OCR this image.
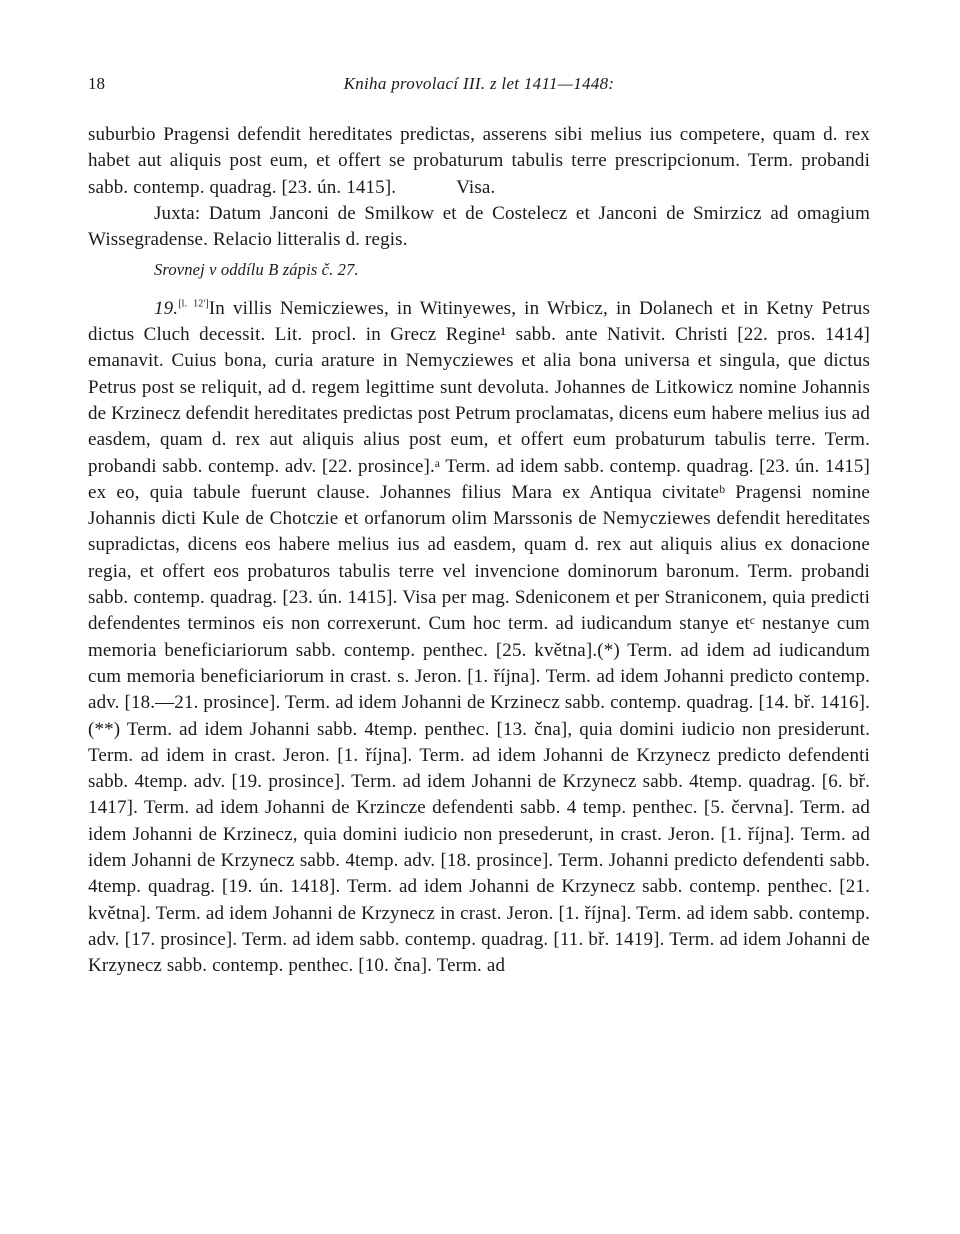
18	Kniha provolací III. z let 1411—1448:

suburbio Pragensi defendit hereditates predictas, asserens sibi melius ius competere, quam d. rex habet aut aliquis post eum, et offert se probaturum tabulis terre prescripcionum. Term. probandi sabb. contemp. quadrag. [23. ún. 1415].	Visa.

Juxta: Datum Janconi de Smilkow et de Costelecz et Janconi de Smirzicz ad omagium Wissegradense. Relacio litteralis d. regis.

Srovnej v oddílu B zápis č. 27.

19.[l. 12']In villis Nemicziewes, in Witinyewes, in Wrbicz, in Dolanech et in Ketny Petrus dictus Cluch decessit. Lit. procl. in Grecz Regine¹ sabb. ante Nativit. Christi [22. pros. 1414] emanavit. Cuius bona, curia arature in Nemycziewes et alia bona universa et singula, que dictus Petrus post se reliquit, ad d. regem legittime sunt devoluta. Johannes de Litkowicz nomine Johannis de Krzinecz defendit hereditates predictas post Petrum proclamatas, dicens eum habere melius ius ad easdem, quam d. rex aut aliquis alius post eum, et offert eum probaturum tabulis terre. Term. probandi sabb. contemp. adv. [22. prosince].ᵃ Term. ad idem sabb. contemp. quadrag. [23. ún. 1415] ex eo, quia tabule fuerunt clause. Johannes filius Mara ex Antiqua civitateᵇ Pragensi nomine Johannis dicti Kule de Chotczie et orfanorum olim Marssonis de Nemycziewes defendit hereditates supradictas, dicens eos habere melius ius ad easdem, quam d. rex aut aliquis alius ex donacione regia, et offert eos probaturos tabulis terre vel invencione dominorum baronum. Term. probandi sabb. contemp. quadrag. [23. ún. 1415]. Visa per mag. Sdeniconem et per Straniconem, quia predicti defendentes terminos eis non correxerunt. Cum hoc term. ad iudicandum stanye etᶜ nestanye cum memoria beneficiariorum sabb. contemp. penthec. [25. května].(*) Term. ad idem ad iudicandum cum memoria beneficiariorum in crast. s. Jeron. [1. října]. Term. ad idem Johanni predicto contemp. adv. [18.—21. prosince]. Term. ad idem Johanni de Krzinecz sabb. contemp. quadrag. [14. bř. 1416].(**) Term. ad idem Johanni sabb. 4temp. penthec. [13. čna], quia domini iudicio non presiderunt. Term. ad idem in crast. Jeron. [1. října]. Term. ad idem Johanni de Krzynecz predicto defendenti sabb. 4temp. adv. [19. prosince]. Term. ad idem Johanni de Krzynecz sabb. 4temp. quadrag. [6. bř. 1417]. Term. ad idem Johanni de Krzincze defendenti sabb. 4 temp. penthec. [5. června]. Term. ad idem Johanni de Krzinecz, quia domini iudicio non presederunt, in crast. Jeron. [1. října]. Term. ad idem Johanni de Krzynecz sabb. 4temp. adv. [18. prosince]. Term. Johanni predicto defendenti sabb. 4temp. quadrag. [19. ún. 1418]. Term. ad idem Johanni de Krzynecz sabb. contemp. penthec. [21. května]. Term. ad idem Johanni de Krzynecz in crast. Jeron. [1. října]. Term. ad idem sabb. contemp. adv. [17. prosince]. Term. ad idem sabb. contemp. quadrag. [11. bř. 1419]. Term. ad idem Johanni de Krzynecz sabb. contemp. penthec. [10. čna]. Term. ad
